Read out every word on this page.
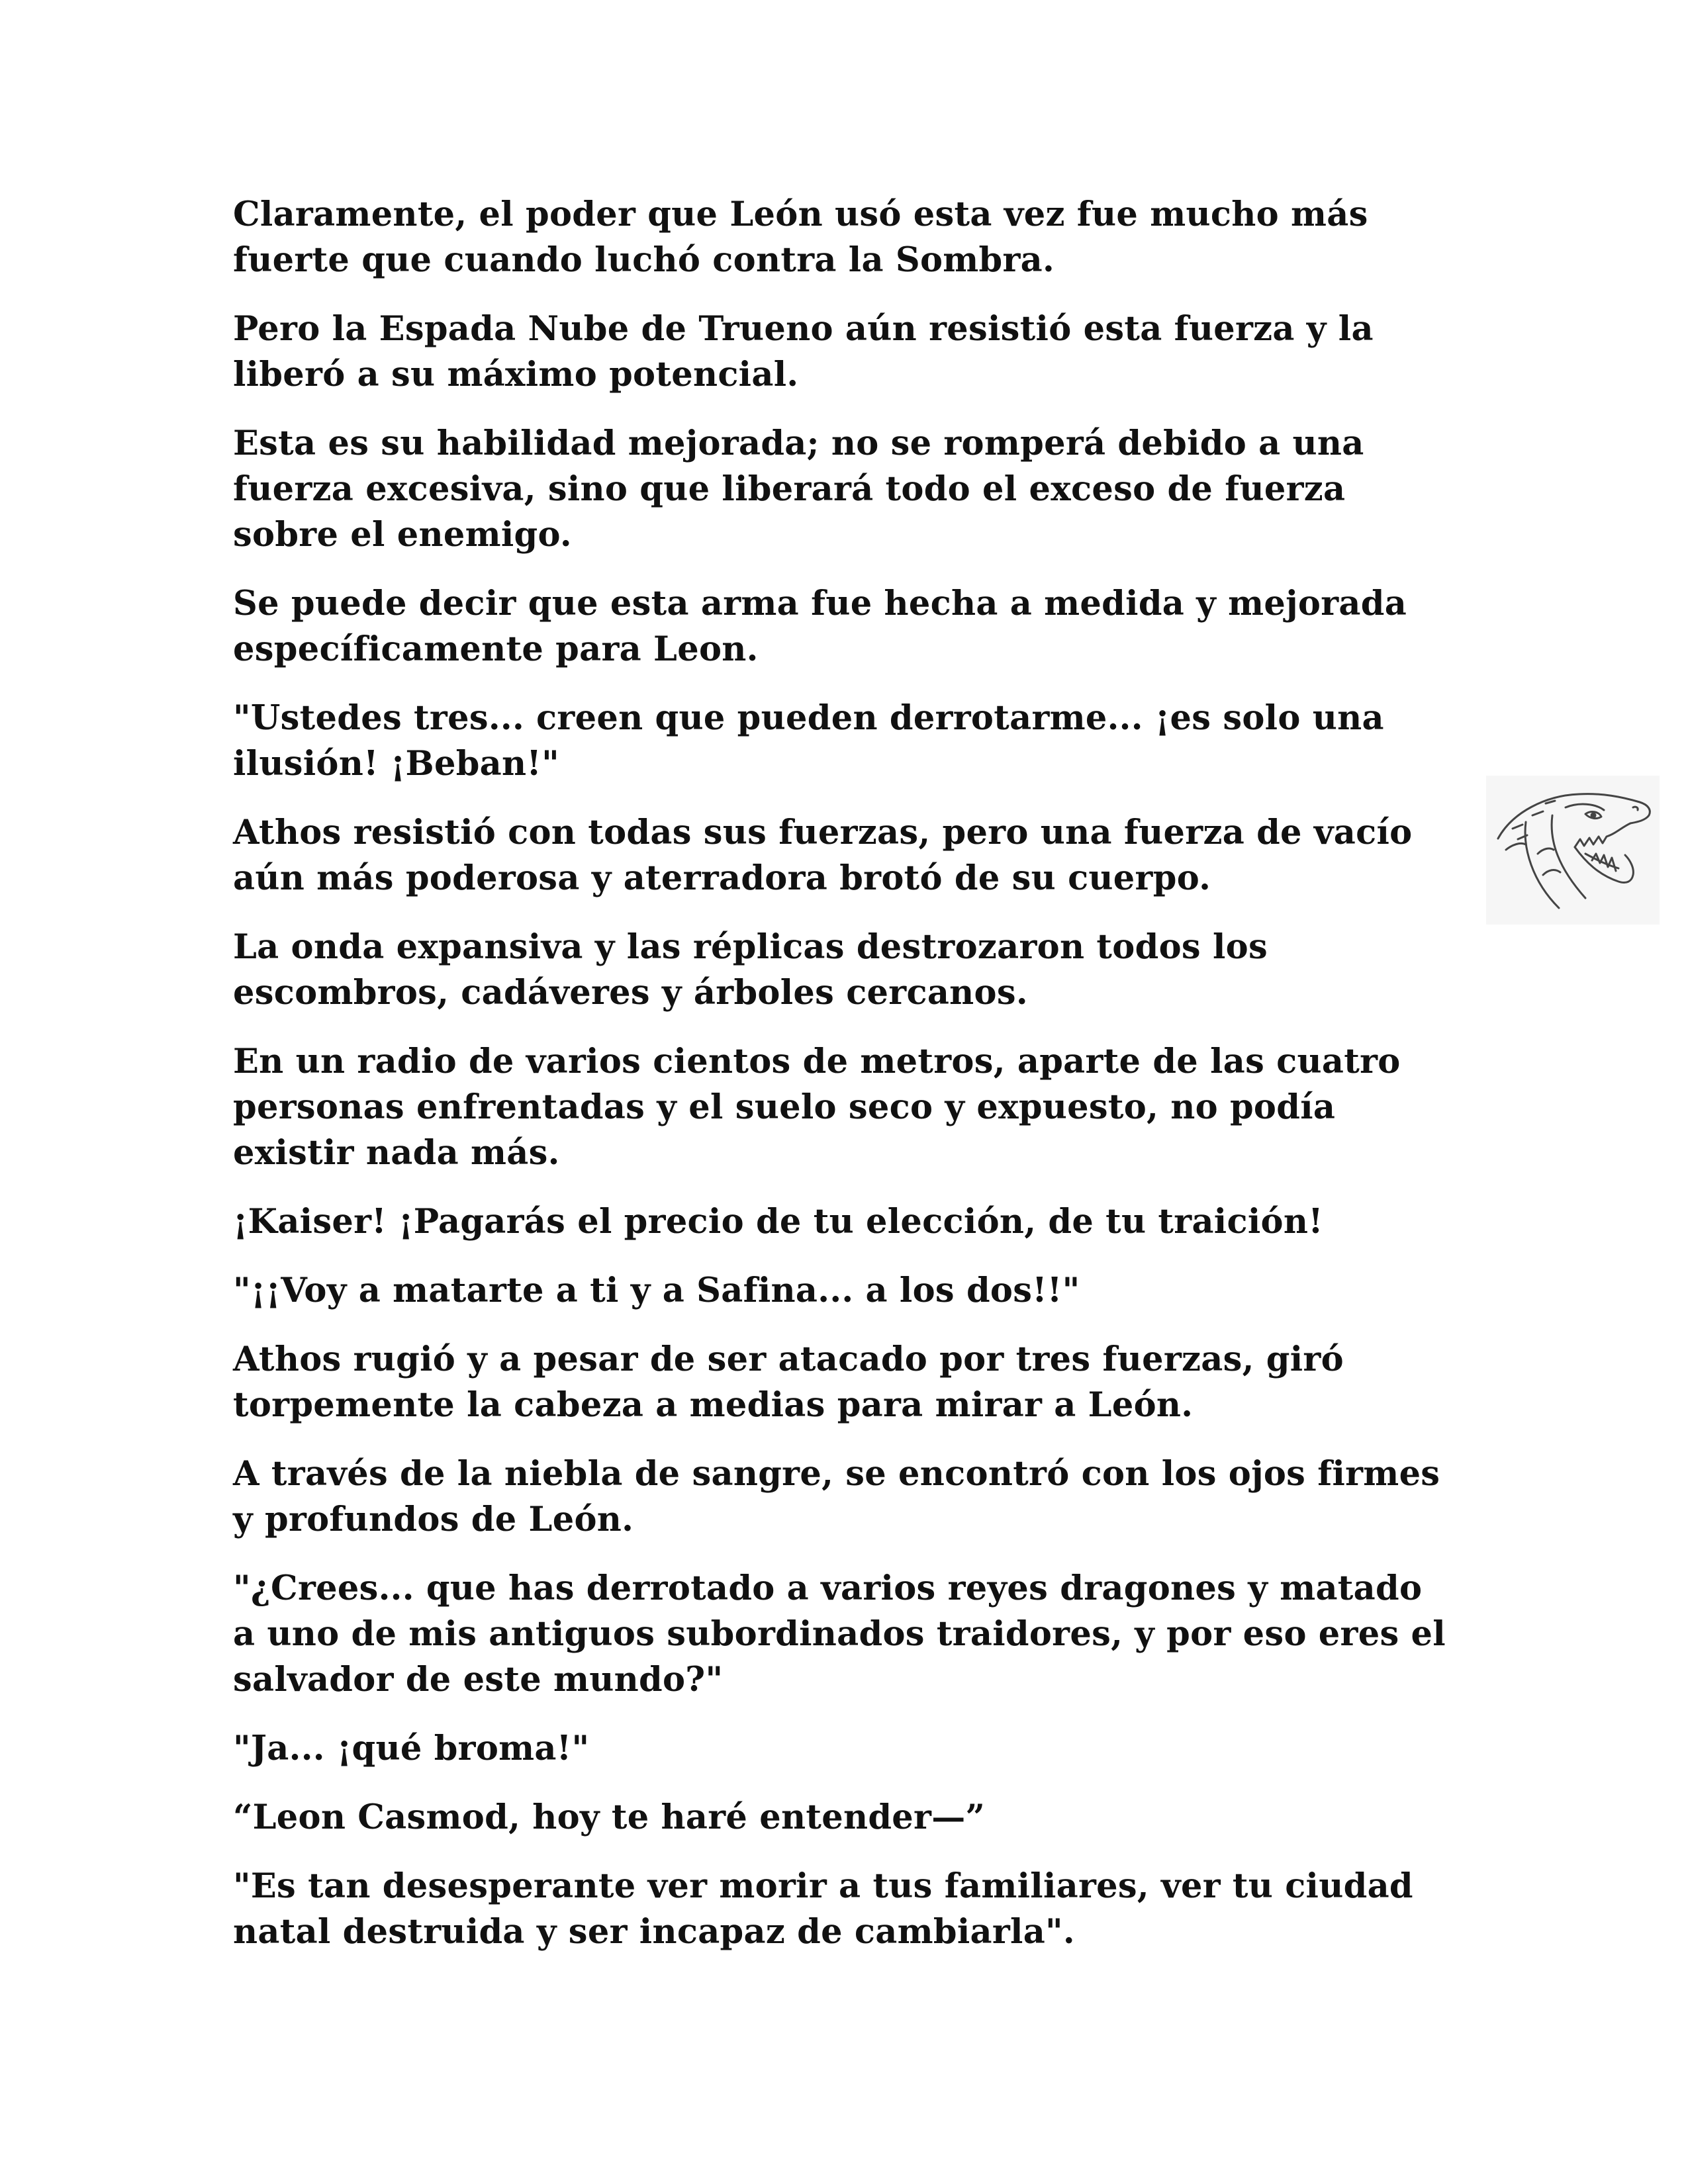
Claramente, el poder que León usó esta vez fue mucho más
fuerte que cuando luchó contra la Sombra.

Pero la Espada Nube de Trueno aún resistió esta fuerza y la
liberó a su máximo potencial.

Esta es su habilidad mejorada; no se romperá debido a una
fuerza excesiva, sino que liberará todo el exceso de fuerza
sobre el enemigo.

Se puede decir que esta arma fue hecha a medida y mejorada
específicamente para Leon.

"Ustedes tres... creen que pueden derrotarme... ¡es solo una
ilusión! ¡Beban!"

Athos resistió con todas sus fuerzas, pero una fuerza de vacío
aún más poderosa y aterradora brotó de su cuerpo.

La onda expansiva y las réplicas destrozaron todos los
escombros, cadáveres y árboles cercanos.

En un radio de varios cientos de metros, aparte de las cuatro
personas enfrentadas y el suelo seco y expuesto, no podía
existir nada más.

¡Kaiser! ¡Pagarás el precio de tu elección, de tu traición!

"¡¡Voy a matarte a ti y a Safina... a los dos!!"

Athos rugió y a pesar de ser atacado por tres fuerzas, giró
torpemente la cabeza a medias para mirar a León.

A través de la niebla de sangre, se encontró con los ojos firmes
y profundos de León.

"¿Crees... que has derrotado a varios reyes dragones y matado
a uno de mis antiguos subordinados traidores, y por eso eres el
salvador de este mundo?"

"Ja... ¡qué broma!"

“Leon Casmod, hoy te haré entender—”

"Es tan desesperante ver morir a tus familiares, ver tu ciudad
natal destruida y ser incapaz de cambiarla".
